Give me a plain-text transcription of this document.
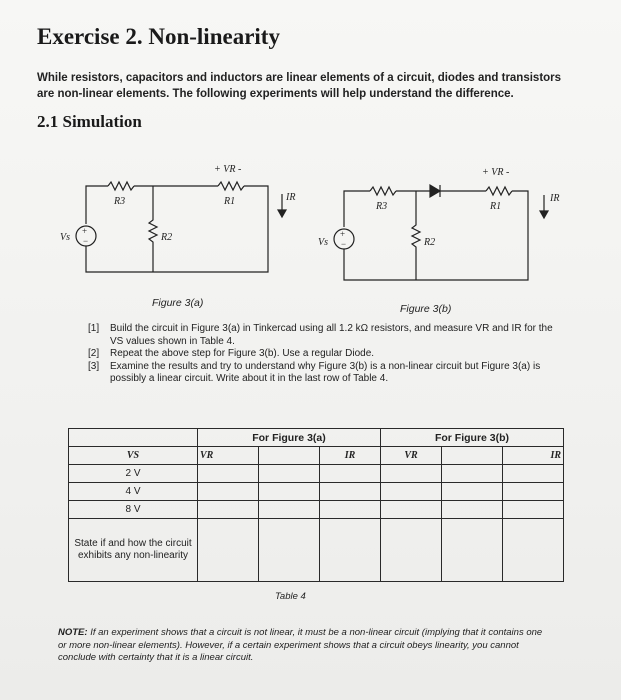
Exercise 2. Non-linearity
While resistors, capacitors and inductors are linear elements of a circuit, diodes and transistors are non-linear elements. The following experiments will help understand the difference.
2.1 Simulation
+
−
Vs
R3	R1
R2
+ VR -
IR
+
−
Vs
R3	R1
R2
+ VR -
IR
Figure 3(a)	Figure 3(b)
[1] Build the circuit in Figure 3(a) in Tinkercad using all 1.2 kΩ resistors, and measure VR and IR for the VS values shown in Table 4.
[2] Repeat the above step for Figure 3(b). Use a regular Diode.
[3] Examine the results and try to understand why Figure 3(b) is a non-linear circuit but Figure 3(a) is possibly a linear circuit. Write about it in the last row of Table 4.
	For Figure 3(a)			For Figure 3(b)		
VS	VR		IR	VR		IR
2 V						
4 V						
8 V						
State if and how the circuit exhibits any non-linearity						
Table 4
NOTE: If an experiment shows that a circuit is not linear, it must be a non-linear circuit (implying that it contains one or more non-linear elements). However, if a certain experiment shows that a circuit obeys linearity, you cannot conclude with certainty that it is a linear circuit.
